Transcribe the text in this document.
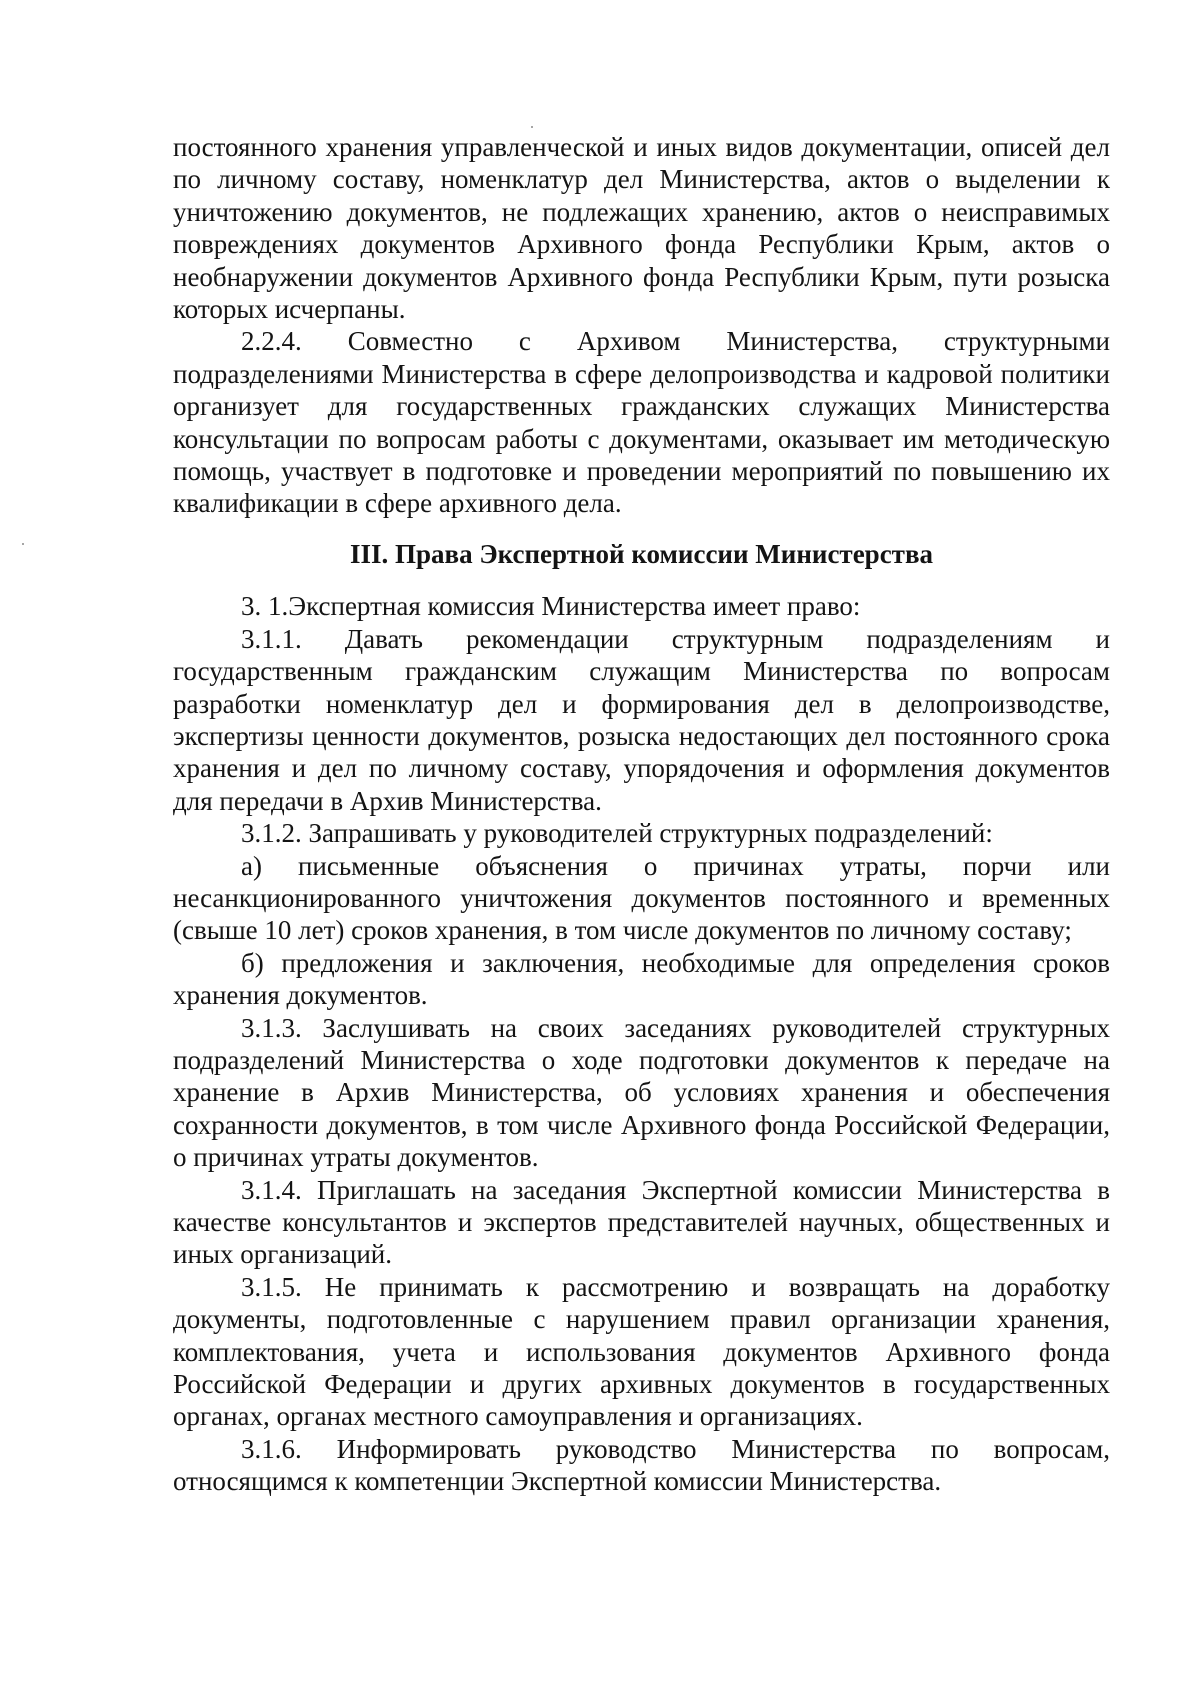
постоянного хранения управленческой и иных видов документации, описей дел по личному составу, номенклатур дел Министерства, актов о выделении к уничтожению документов, не подлежащих хранению, актов о неисправимых повреждениях документов Архивного фонда Республики Крым, актов о необнаружении документов Архивного фонда Республики Крым, пути розыска которых исчерпаны.

2.2.4. Совместно с Архивом Министерства, структурными подразделениями Министерства в сфере делопроизводства и кадровой политики организует для государственных гражданских служащих Министерства консультации по вопросам работы с документами, оказывает им методическую помощь, участвует в подготовке и проведении мероприятий по повышению их квалификации в сфере архивного дела.

III. Права Экспертной комиссии Министерства

3. 1.Экспертная комиссия Министерства имеет право:

3.1.1. Давать рекомендации структурным подразделениям и государственным гражданским служащим Министерства по вопросам разработки номенклатур дел и формирования дел в делопроизводстве, экспертизы ценности документов, розыска недостающих дел постоянного срока хранения и дел по личному составу, упорядочения и оформления документов для передачи в Архив Министерства.

3.1.2. Запрашивать у руководителей структурных подразделений:

а) письменные объяснения о причинах утраты, порчи или несанкционированного уничтожения документов постоянного и временных (свыше 10 лет) сроков хранения, в том числе документов по личному составу;

б) предложения и заключения, необходимые для определения сроков хранения документов.

3.1.3. Заслушивать на своих заседаниях руководителей структурных подразделений Министерства о ходе подготовки документов к передаче на хранение в Архив Министерства, об условиях хранения и обеспечения сохранности документов, в том числе Архивного фонда Российской Федерации, о причинах утраты документов.

3.1.4. Приглашать на заседания Экспертной комиссии Министерства в качестве консультантов и экспертов представителей научных, общественных и иных организаций.

3.1.5. Не принимать к рассмотрению и возвращать на доработку документы, подготовленные с нарушением правил организации хранения, комплектования, учета и использования документов Архивного фонда Российской Федерации и других архивных документов в государственных органах, органах местного самоуправления и организациях.

3.1.6. Информировать руководство Министерства по вопросам, относящимся к компетенции Экспертной комиссии Министерства.
